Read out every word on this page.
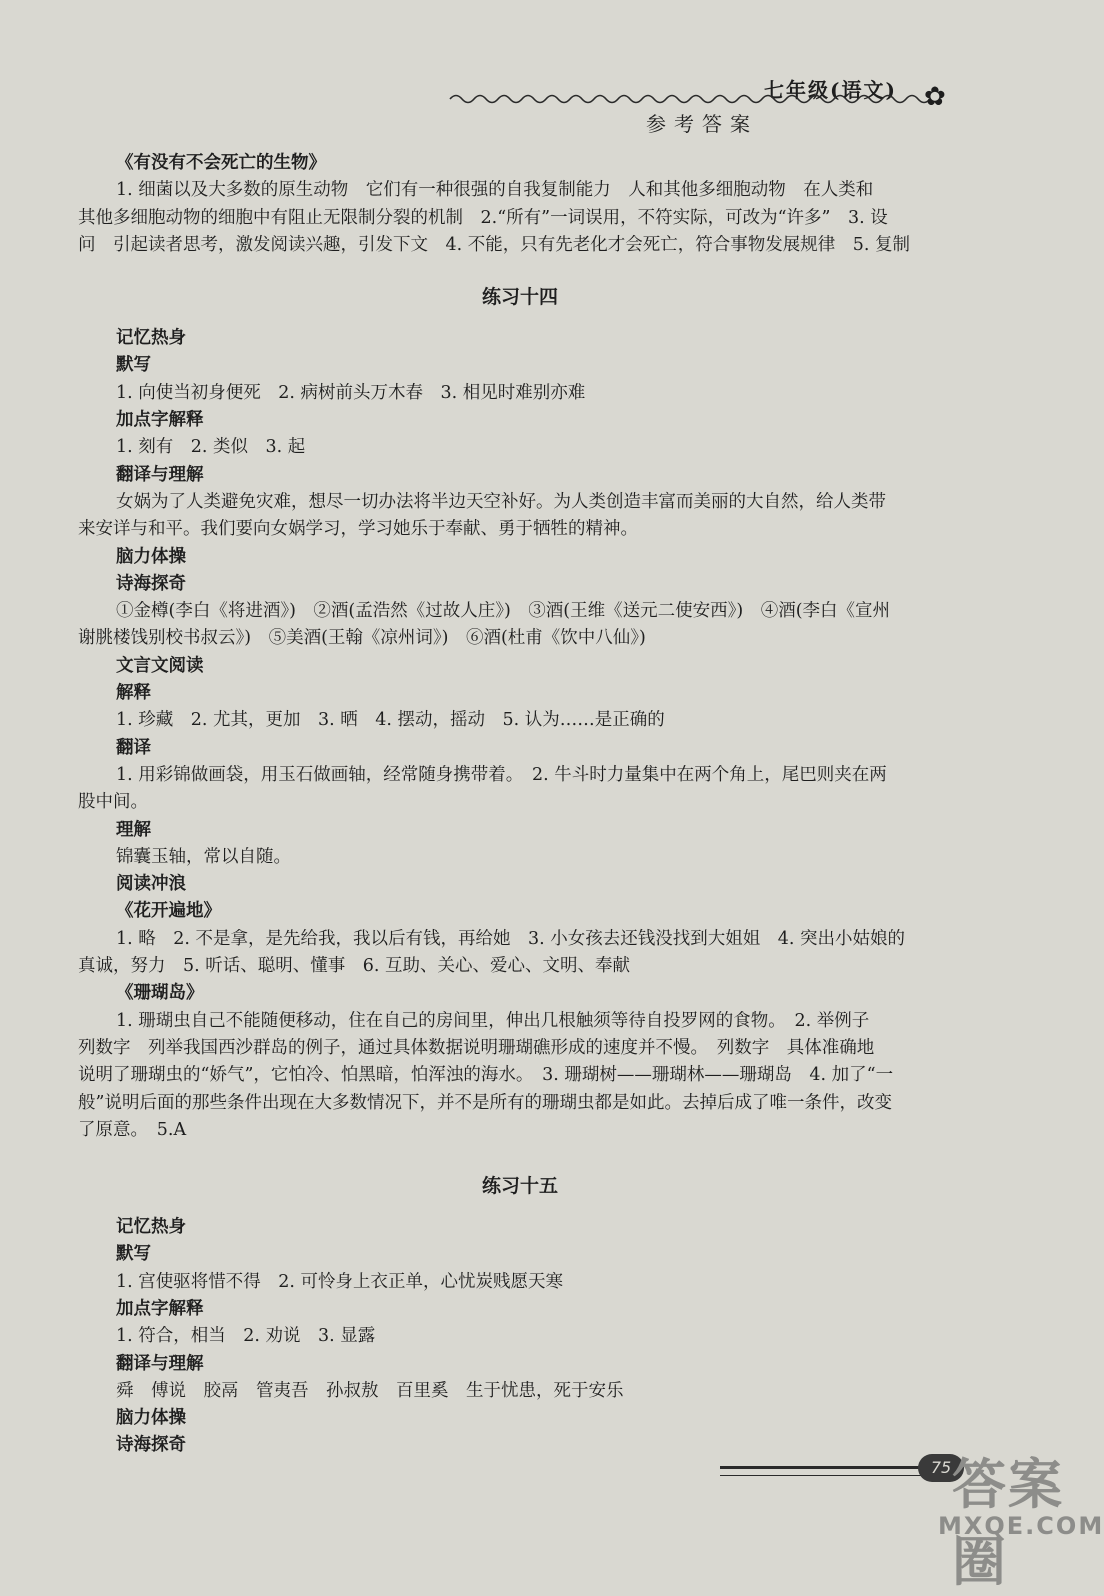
七年级(语文) ✿
参考答案
《有没有不会死亡的生物》
1. 细菌以及大多数的原生动物　它们有一种很强的自我复制能力　人和其他多细胞动物　在人类和
其他多细胞动物的细胞中有阻止无限制分裂的机制　2.“所有”一词误用，不符实际，可改为“许多”　3. 设
问　引起读者思考，激发阅读兴趣，引发下文　4. 不能，只有先老化才会死亡，符合事物发展规律　5. 复制
练习十四
记忆热身
默写
1. 向使当初身便死　2. 病树前头万木春　3. 相见时难别亦难
加点字解释
1. 刻有　2. 类似　3. 起
翻译与理解
女娲为了人类避免灾难，想尽一切办法将半边天空补好。为人类创造丰富而美丽的大自然，给人类带
来安详与和平。我们要向女娲学习，学习她乐于奉献、勇于牺牲的精神。
脑力体操
诗海探奇
①金樽(李白《将进酒》)　②酒(孟浩然《过故人庄》)　③酒(王维《送元二使安西》)　④酒(李白《宣州
谢朓楼饯别校书叔云》)　⑤美酒(王翰《凉州词》)　⑥酒(杜甫《饮中八仙》)
文言文阅读
解释
1. 珍藏　2. 尤其，更加　3. 晒　4. 摆动，摇动　5. 认为……是正确的
翻译
1. 用彩锦做画袋，用玉石做画轴，经常随身携带着。　2. 牛斗时力量集中在两个角上，尾巴则夹在两
股中间。
理解
锦囊玉轴，常以自随。
阅读冲浪
《花开遍地》
1. 略　2. 不是拿，是先给我，我以后有钱，再给她　3. 小女孩去还钱没找到大姐姐　4. 突出小姑娘的
真诚，努力　5. 听话、聪明、懂事　6. 互助、关心、爱心、文明、奉献
《珊瑚岛》
1. 珊瑚虫自己不能随便移动，住在自己的房间里，伸出几根触须等待自投罗网的食物。　2. 举例子
列数字　列举我国西沙群岛的例子，通过具体数据说明珊瑚礁形成的速度并不慢。　列数字　具体准确地
说明了珊瑚虫的“娇气”，它怕冷、怕黑暗，怕浑浊的海水。　3. 珊瑚树——珊瑚林——珊瑚岛　4. 加了“一
般”说明后面的那些条件出现在大多数情况下，并不是所有的珊瑚虫都是如此。去掉后成了唯一条件，改变
了原意。　5.A
练习十五
记忆热身
默写
1. 宫使驱将惜不得　2. 可怜身上衣正单，心忧炭贱愿天寒
加点字解释
1. 符合，相当　2. 劝说　3. 显露
翻译与理解
舜　傅说　胶鬲　管夷吾　孙叔敖　百里奚　生于忧患，死于安乐
脑力体操
诗海探奇
75 答案圈
MXQE.COM
